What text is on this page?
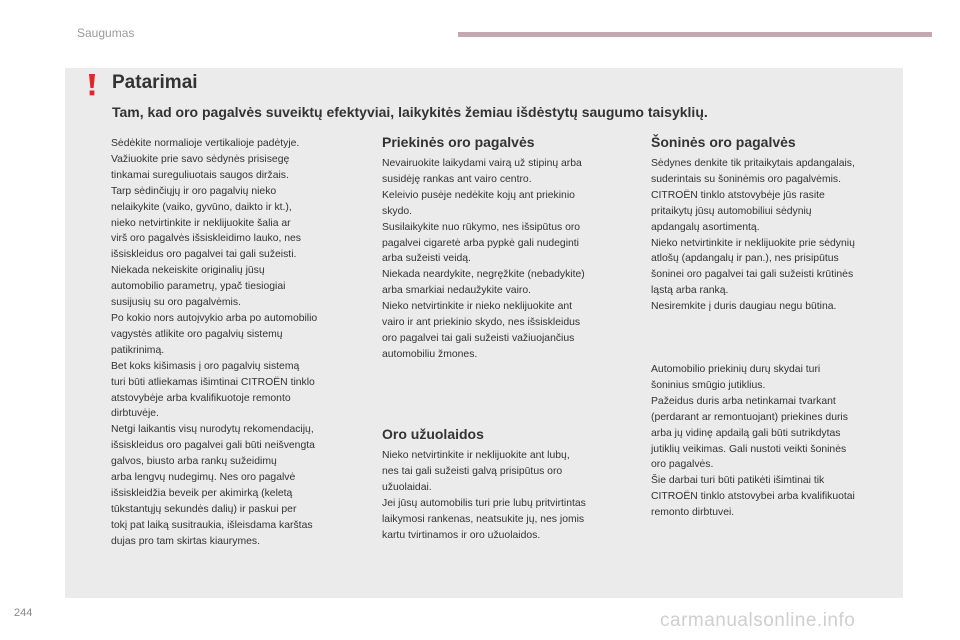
Saugumas
Patarimai
Tam, kad oro pagalvės suveiktų efektyviai, laikykitės žemiau išdėstytų saugumo taisyklių.

Sėdėkite normalioje vertikalioje padėtyje.

Važiuokite prie savo sėdynės prisisegę

tinkamai sureguliuotais saugos diržais.

Tarp sėdinčiųjų ir oro pagalvių nieko

nelaikykite (vaiko, gyvūno, daikto ir kt.),

nieko netvirtinkite ir neklijuokite šalia ar

virš oro pagalvės išsiskleidimo lauko, nes

išsiskleidus oro pagalvei tai gali sužeisti.

Niekada nekeiskite originalių jūsų

automobilio parametrų, ypač tiesiogiai

susijusių su oro pagalvėmis.

Po kokio nors autoįvykio arba po automobilio

vagystės atlikite oro pagalvių sistemų

patikrinimą.

Bet koks kišimasis į oro pagalvių sistemą

turi būti atliekamas išimtinai CITROËN tinklo

atstovybėje arba kvalifikuotoje remonto

dirbtuvėje.

Netgi laikantis visų nurodytų rekomendacijų,

išsiskleidus oro pagalvei gali būti neišvengta

galvos, biusto arba rankų sužeidimų

arba lengvų nudegimų. Nes oro pagalvė

išsiskleidžia beveik per akimirką (keletą

tūkstantųjų sekundės dalių) ir paskui per

tokį pat laiką susitraukia, išleisdama karštas

dujas pro tam skirtas kiaurymes.

Priekinės oro pagalvės

Nevairuokite laikydami vairą už stipinų arba

susidėję rankas ant vairo centro.

Keleivio pusėje nedėkite kojų ant priekinio

skydo.

Susilaikykite nuo rūkymo, nes išsipūtus oro

pagalvei cigaretė arba pypkė gali nudeginti

arba sužeisti veidą.

Niekada neardykite, negręžkite (nebadykite)

arba smarkiai nedaužykite vairo.

Nieko netvirtinkite ir nieko neklijuokite ant

vairo ir ant priekinio skydo, nes išsiskleidus

oro pagalvei tai gali sužeisti važiuojančius

automobiliu žmones.

Šoninės oro pagalvės

Sėdynes denkite tik pritaikytais apdangalais,

suderintais su šoninėmis oro pagalvėmis.

CITROËN tinklo atstovybėje jūs rasite

pritaikytų jūsų automobiliui sėdynių

apdangalų asortimentą.

Nieko netvirtinkite ir neklijuokite prie sėdynių

atlošų (apdangalų ir pan.), nes prisipūtus

šoninei oro pagalvei tai gali sužeisti krūtinės

ląstą arba ranką.

Nesiremkite į duris daugiau negu būtina.

Oro užuolaidos

Nieko netvirtinkite ir neklijuokite ant lubų,

nes tai gali sužeisti galvą prisipūtus oro

užuolaidai.

Jei jūsų automobilis turi prie lubų pritvirtintas

laikymosi rankenas, neatsukite jų, nes jomis

kartu tvirtinamos ir oro užuolaidos.

Automobilio priekinių durų skydai turi

šoninius smūgio jutiklius.

Pažeidus duris arba netinkamai tvarkant

(perdarant ar remontuojant) priekines duris

arba jų vidinę apdailą gali būti sutrikdytas

jutiklių veikimas. Gali nustoti veikti šoninės

oro pagalvės.

Šie darbai turi būti patikėti išimtinai tik

CITROËN tinklo atstovybei arba kvalifikuotai

remonto dirbtuvei.

244	carmanualsonline.info
